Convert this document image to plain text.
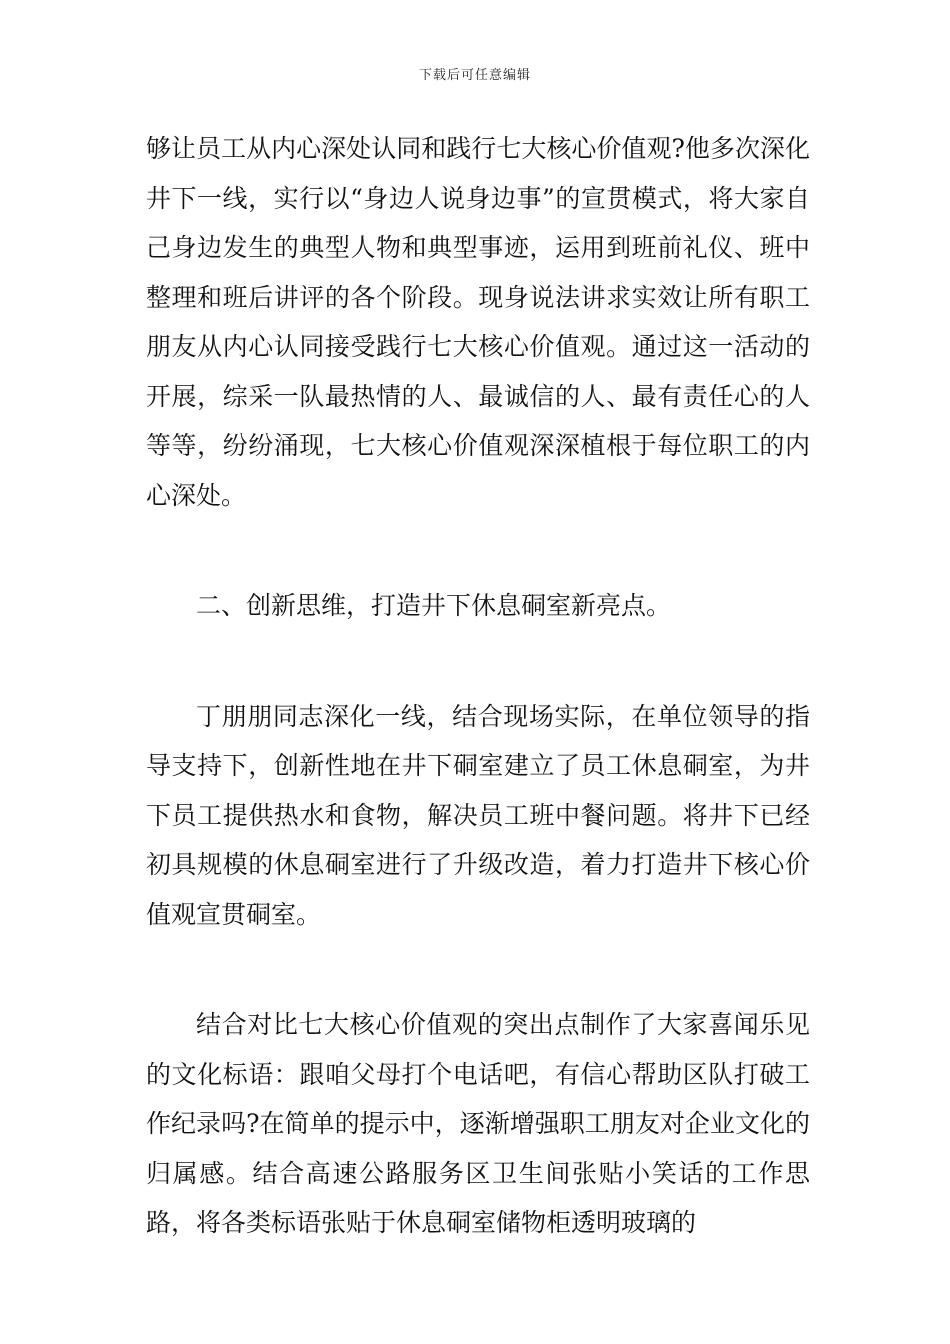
下载后可任意编辑

够让员工从内心深处认同和践行七大核心价值观?他多次深化井下一线，实行以“身边人说身边事”的宣贯模式，将大家自己身边发生的典型人物和典型事迹，运用到班前礼仪、班中整理和班后讲评的各个阶段。现身说法讲求实效让所有职工朋友从内心认同接受践行七大核心价值观。通过这一活动的开展，综采一队最热情的人、最诚信的人、最有责任心的人等等，纷纷涌现，七大核心价值观深深植根于每位职工的内心深处。

二、创新思维，打造井下休息硐室新亮点。

丁朋朋同志深化一线，结合现场实际，在单位领导的指导支持下，创新性地在井下硐室建立了员工休息硐室，为井下员工提供热水和食物，解决员工班中餐问题。将井下已经初具规模的休息硐室进行了升级改造，着力打造井下核心价值观宣贯硐室。

结合对比七大核心价值观的突出点制作了大家喜闻乐见的文化标语：跟咱父母打个电话吧，有信心帮助区队打破工作纪录吗?在简单的提示中，逐渐增强职工朋友对企业文化的归属感。结合高速公路服务区卫生间张贴小笑话的工作思路，将各类标语张贴于休息硐室储物柜透明玻璃的
